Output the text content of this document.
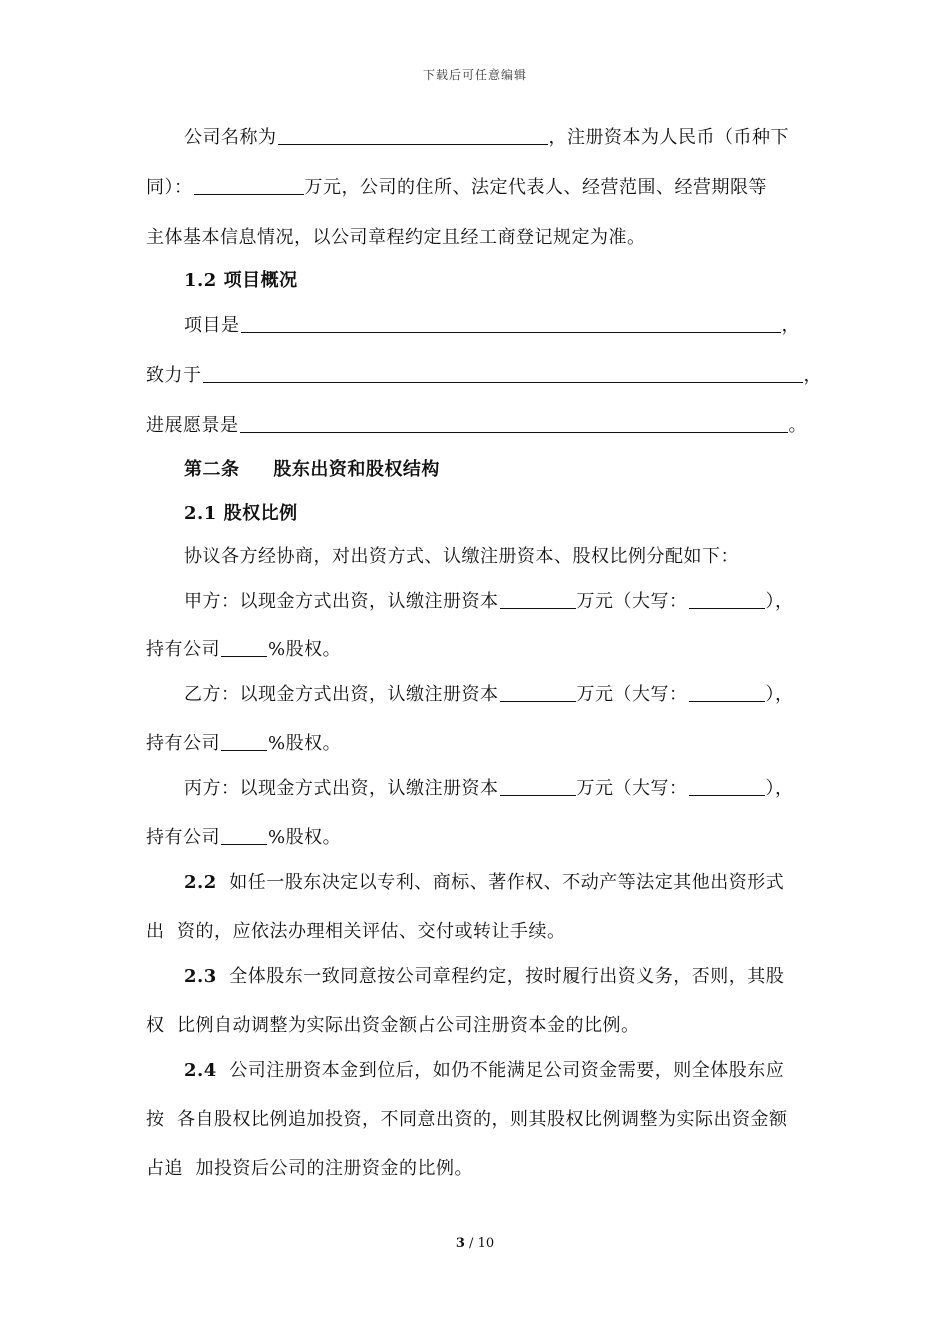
下载后可任意编辑
公司名称为	，注册资本为人民币（币种下
同）：	万元，公司的住所、法定代表人、经营范围、经营期限等
主体基本信息情况，以公司章程约定且经工商登记规定为准。
1.2 项目概况
项目是	，
致力于	，
进展愿景是	。
第二条     股东出资和股权结构
2.1 股权比例
协议各方经协商，对出资方式、认缴注册资本、股权比例分配如下：
甲方：以现金方式出资，认缴注册资本	万元（大写：	），
持有公司	%股权。
乙方：以现金方式出资，认缴注册资本	万元（大写：	），
持有公司	%股权。
丙方：以现金方式出资，认缴注册资本	万元（大写：	），
持有公司	%股权。
2.2 如任一股东决定以专利、商标、著作权、不动产等法定其他出资形式
出  资的，应依法办理相关评估、交付或转让手续。
2.3 全体股东一致同意按公司章程约定，按时履行出资义务，否则，其股
权  比例自动调整为实际出资金额占公司注册资本金的比例。
2.4 公司注册资本金到位后，如仍不能满足公司资金需要，则全体股东应
按  各自股权比例追加投资，不同意出资的，则其股权比例调整为实际出资金额
占追  加投资后公司的注册资金的比例。
3 / 10
